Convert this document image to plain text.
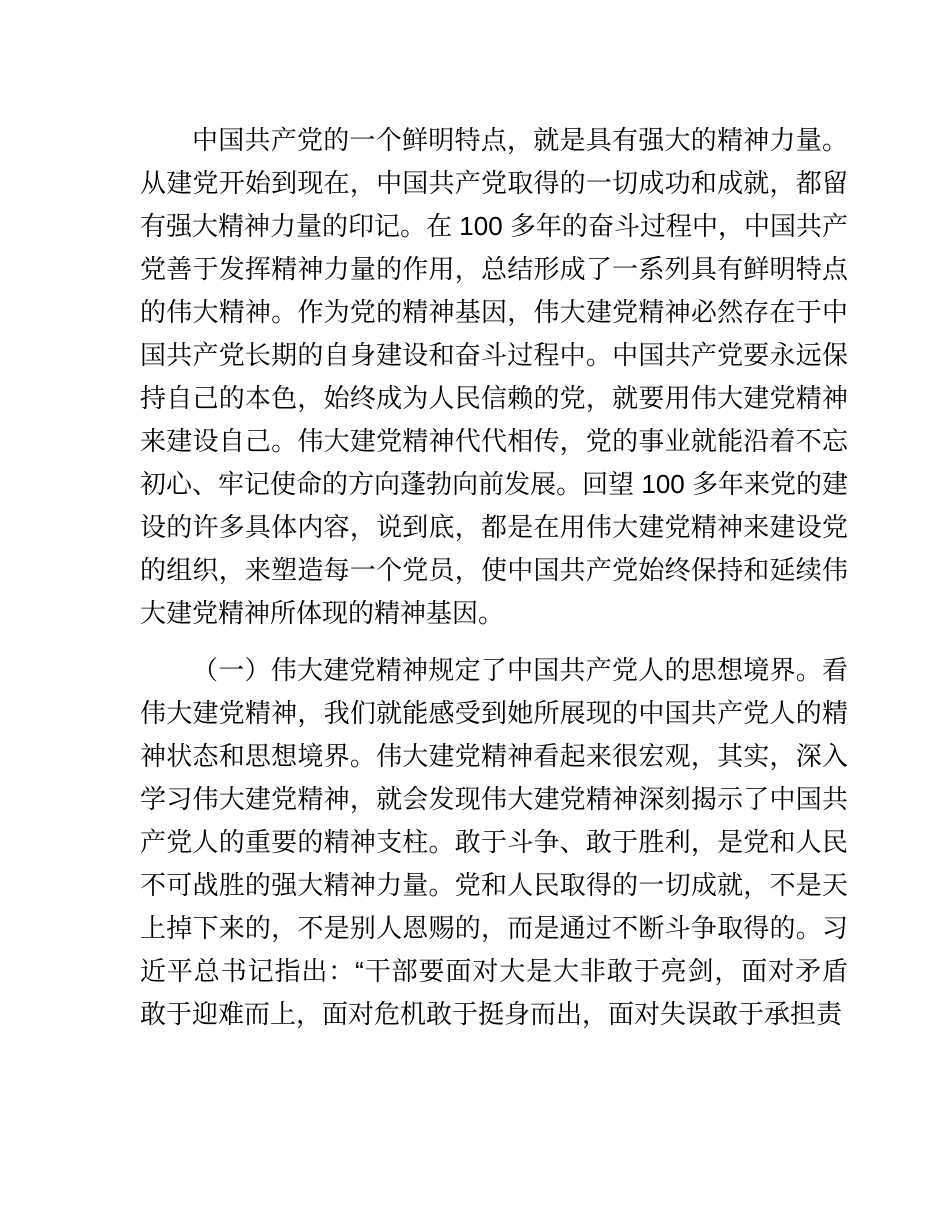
中国共产党的一个鲜明特点，就是具有强大的精神力量。从建党开始到现在，中国共产党取得的一切成功和成就，都留有强大精神力量的印记。在 100 多年的奋斗过程中，中国共产党善于发挥精神力量的作用，总结形成了一系列具有鲜明特点的伟大精神。作为党的精神基因，伟大建党精神必然存在于中国共产党长期的自身建设和奋斗过程中。中国共产党要永远保持自己的本色，始终成为人民信赖的党，就要用伟大建党精神来建设自己。伟大建党精神代代相传，党的事业就能沿着不忘初心、牢记使命的方向蓬勃向前发展。回望 100 多年来党的建设的许多具体内容，说到底，都是在用伟大建党精神来建设党的组织，来塑造每一个党员，使中国共产党始终保持和延续伟大建党精神所体现的精神基因。

（一）伟大建党精神规定了中国共产党人的思想境界。看伟大建党精神，我们就能感受到她所展现的中国共产党人的精神状态和思想境界。伟大建党精神看起来很宏观，其实，深入学习伟大建党精神，就会发现伟大建党精神深刻揭示了中国共产党人的重要的精神支柱。敢于斗争、敢于胜利，是党和人民不可战胜的强大精神力量。党和人民取得的一切成就，不是天上掉下来的，不是别人恩赐的，而是通过不断斗争取得的。习近平总书记指出：“干部要面对大是大非敢于亮剑，面对矛盾敢于迎难而上，面对危机敢于挺身而出，面对失误敢于承担责
